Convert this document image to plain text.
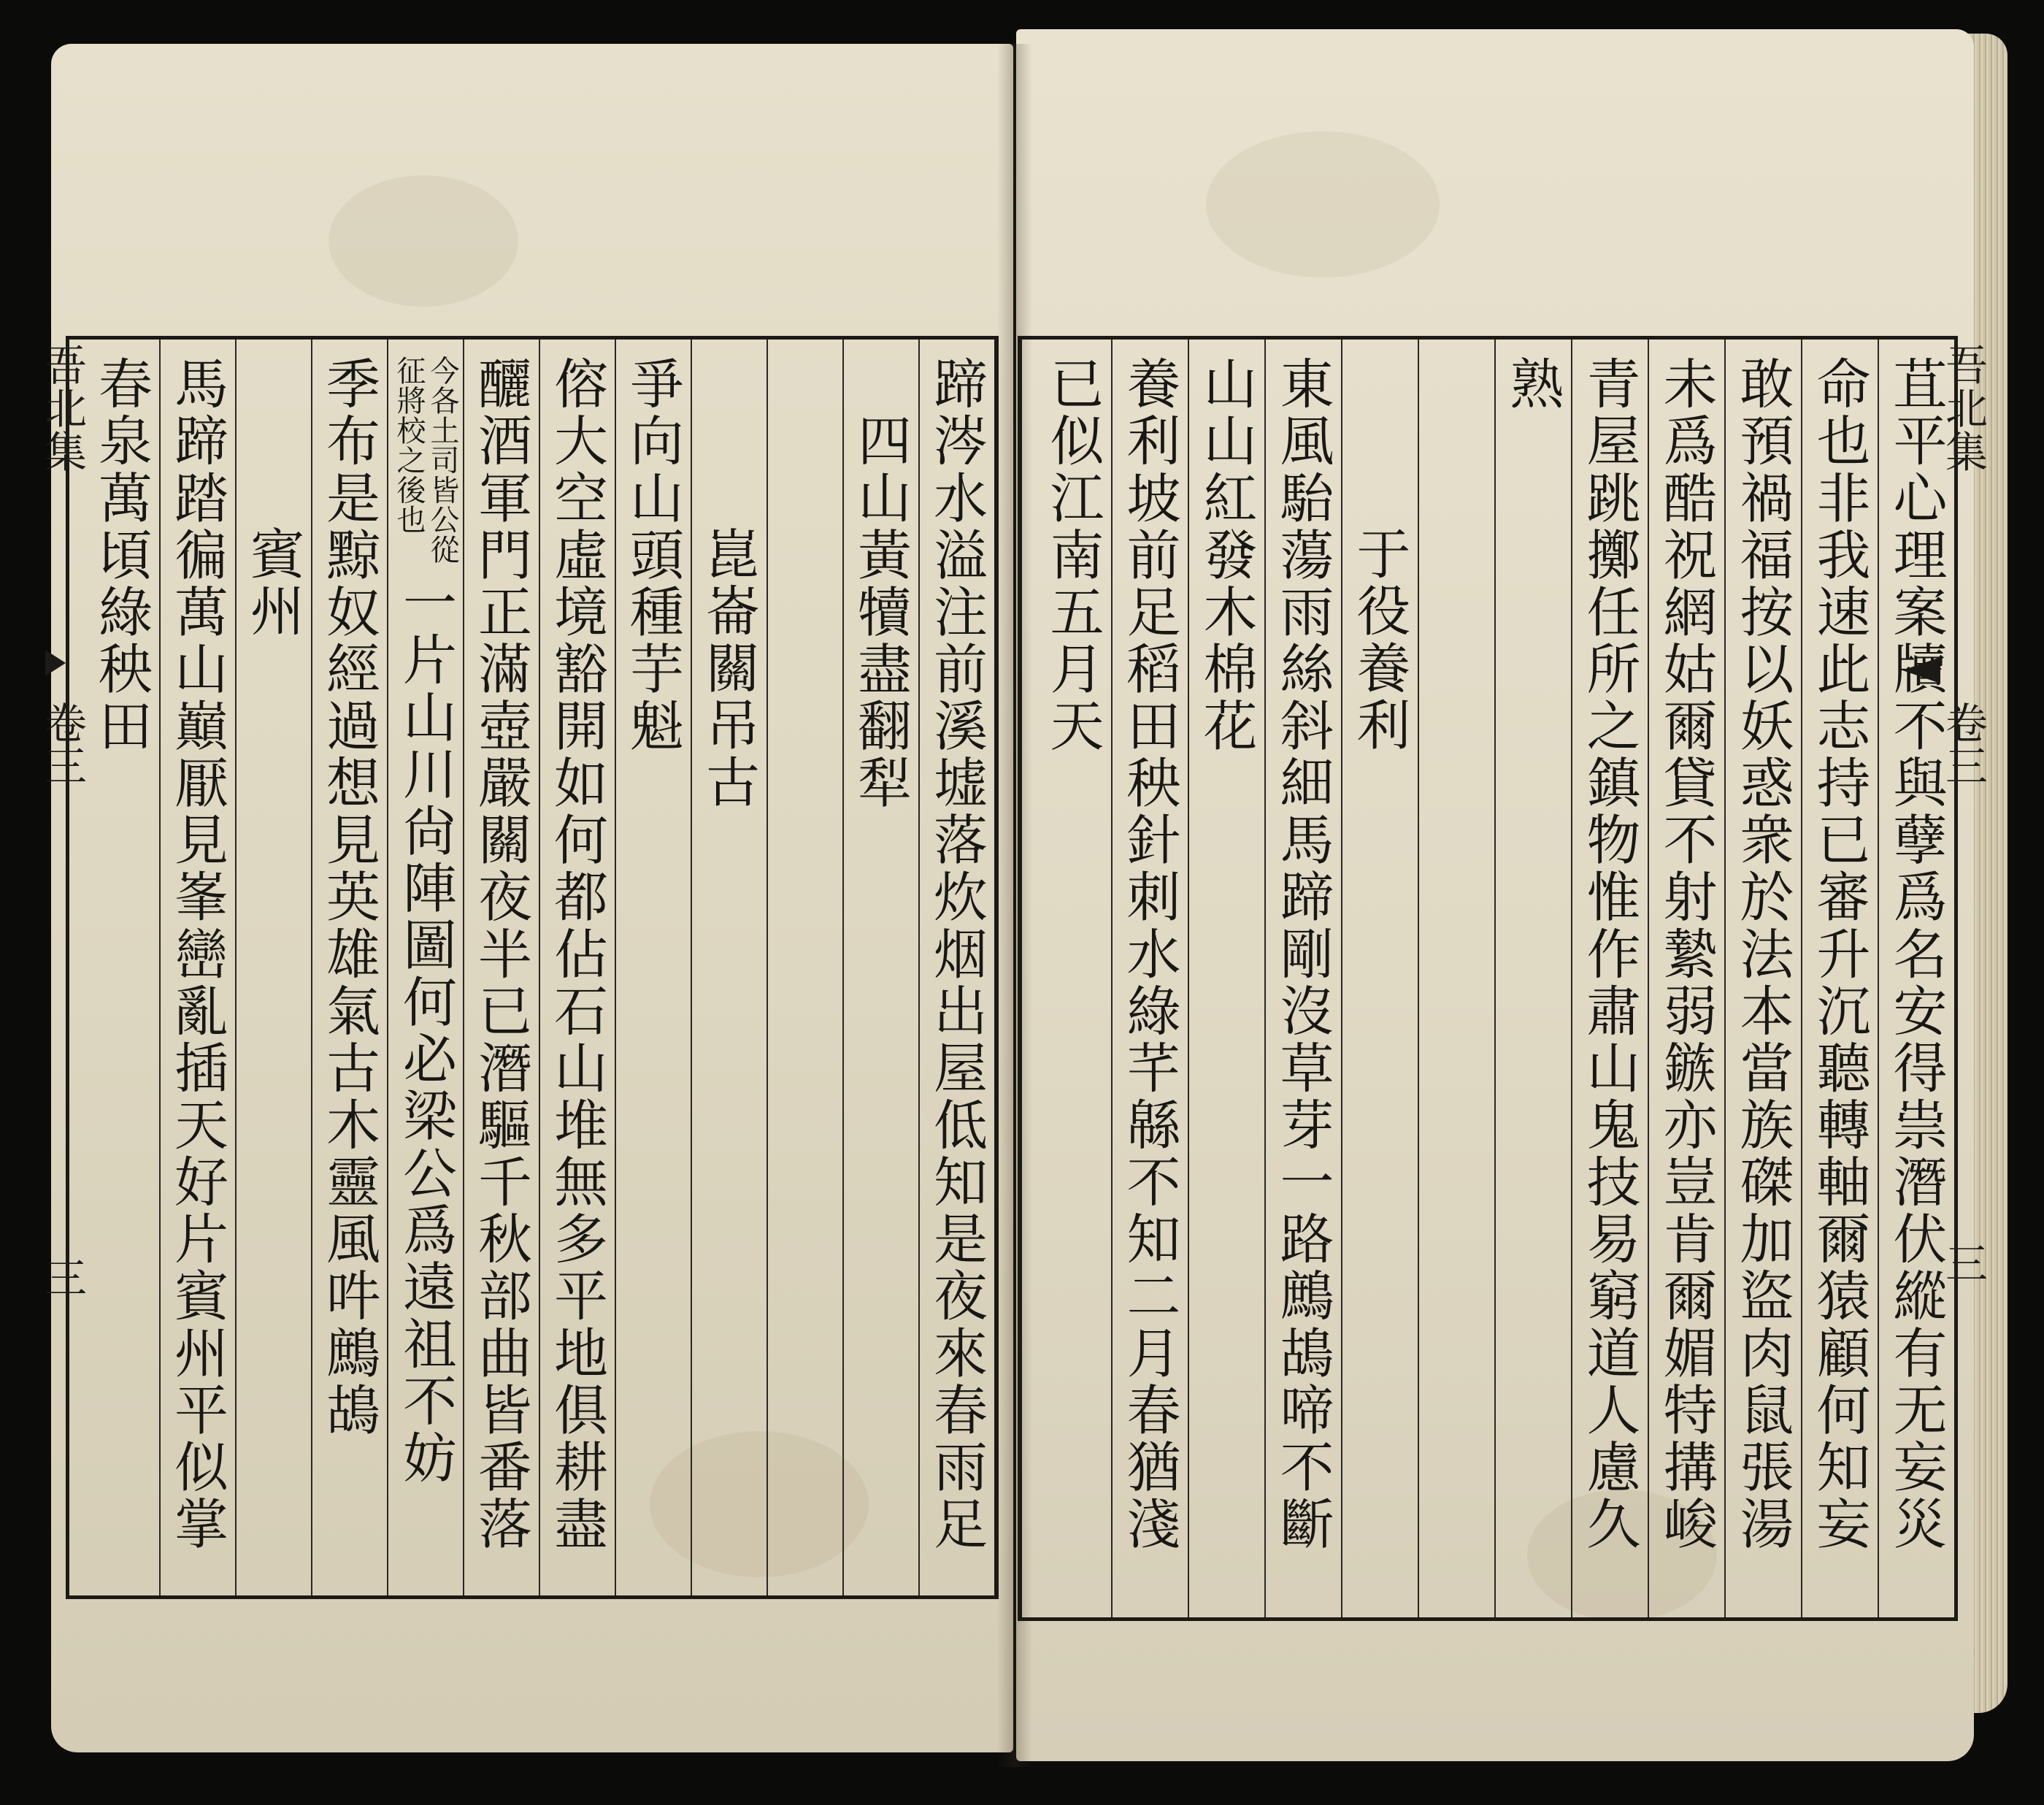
蹄涔水溢注前溪墟落炊烟出屋低知是夜來春雨足
四山黃犢盡翻犁
崑崙關吊古
爭向山頭種芋魁
傛大空虛境豁開如何都佔石山堆無多平地俱耕盡
釃酒軍門正滿壺嚴關夜半已潛驅千秋部曲皆番落
今各土司皆公從
征將校之後也
一片山川尙陣圖何必梁公爲遠祖不妨
季布是黥奴經過想見英雄氣古木靈風吽鷓鴣
賓州
馬蹄踏徧萬山巔厭見峯巒亂插天好片賓州平似掌
春泉萬頃綠秧田
吾北集
卷三
三	苴平心理案牘不與孽爲名安得祟潛伏縱有无妄災
命也非我速此志持已審升沉聽轉軸爾猿顧何知妄
敢預禍福按以妖惑衆於法本當族磔加盜肉鼠張湯
未爲酷祝網姑爾貸不射縶弱鏃亦豈肯爾媚特搆峻
青屋跳擲任所之鎮物惟作肅山鬼技易窮道人慮久
熟
于役養利
東風駘蕩雨絲斜細馬蹄剛沒草芽一路鷓鴣啼不斷
山山紅發木棉花
養利坡前足稻田秧針刺水綠芊緜不知二月春猶淺
已似江南五月天	吾北集
卷三
三
